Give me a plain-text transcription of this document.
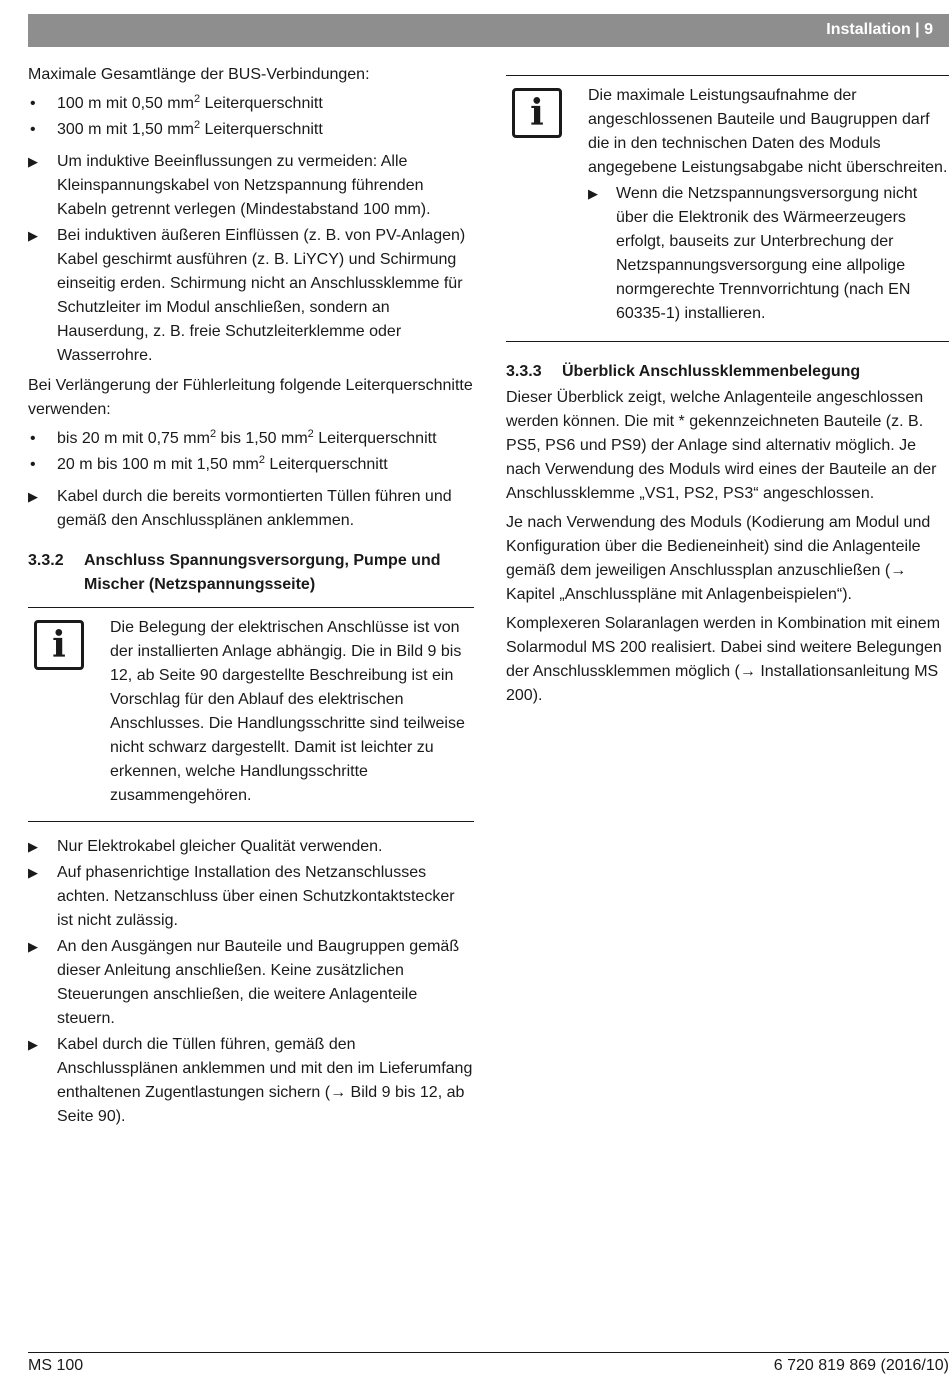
Installation | 9

Maximale Gesamtlänge der BUS-Verbindungen:

• 100 m mit 0,50 $mm^2$ Leiterquerschnitt
• 300 m mit 1,50 $mm^2$ Leiterquerschnitt
▶ Um induktive Beeinflussungen zu vermeiden: Alle Kleinspannungskabel von Netzspannung führenden Kabeln getrennt verlegen (Mindestabstand 100 mm).
▶ Bei induktiven äußeren Einflüssen (z. B. von PV-Anlagen) Kabel geschirmt ausführen (z. B. LiYCY) und Schirmung einseitig erden. Schirmung nicht an Anschlussklemme für Schutzleiter im Modul anschließen, sondern an Hauserdung, z. B. freie Schutzleiterklemme oder Wasserrohre.

Bei Verlängerung der Fühlerleitung folgende Leiterquerschnitte verwenden:

• bis 20 m mit 0,75 $mm^2$ bis 1,50 $mm^2$ Leiterquerschnitt
• 20 m bis 100 m mit 1,50 $mm^2$ Leiterquerschnitt
▶ Kabel durch die bereits vormontierten Tüllen führen und gemäß den Anschlussplänen anklemmen.
3.3.2 Anschluss Spannungsversorgung, Pumpe und Mischer (Netzspannungsseite)
i	Die Belegung der elektrischen Anschlüsse ist von der installierten Anlage abhängig. Die in Bild 9 bis 12, ab Seite 90 dargestellte Beschreibung ist ein Vorschlag für den Ablauf des elektrischen Anschlusses. Die Handlungsschritte sind teilweise nicht schwarz dargestellt. Damit ist leichter zu erkennen, welche Handlungsschritte zusammengehören.
▶ Nur Elektrokabel gleicher Qualität verwenden.
▶ Auf phasenrichtige Installation des Netzanschlusses achten. Netzanschluss über einen Schutzkontaktstecker ist nicht zulässig.
▶ An den Ausgängen nur Bauteile und Baugruppen gemäß dieser Anleitung anschließen. Keine zusätzlichen Steuerungen anschließen, die weitere Anlagenteile steuern.
▶ Kabel durch die Tüllen führen, gemäß den Anschlussplänen anklemmen und mit den im Lieferumfang enthaltenen Zugentlastungen sichern (→ Bild 9 bis 12, ab Seite 90).
i	Die maximale Leistungsaufnahme der angeschlossenen Bauteile und Baugruppen darf die in den technischen Daten des Moduls angegebene Leistungsabgabe nicht überschreiten.
▶ Wenn die Netzspannungsversorgung nicht über die Elektronik des Wärmeerzeugers erfolgt, bauseits zur Unterbrechung der Netzspannungsversorgung eine allpolige normgerechte Trennvorrichtung (nach EN 60335-1) installieren.
3.3.3 Überblick Anschlussklemmenbelegung

Dieser Überblick zeigt, welche Anlagenteile angeschlossen werden können. Die mit * gekennzeichneten Bauteile (z. B. PS5, PS6 und PS9) der Anlage sind alternativ möglich. Je nach Verwendung des Moduls wird eines der Bauteile an der Anschlussklemme „VS1, PS2, PS3“ angeschlossen.

Je nach Verwendung des Moduls (Kodierung am Modul und Konfiguration über die Bedieneinheit) sind die Anlagenteile gemäß dem jeweiligen Anschlussplan anzuschließen (→ Kapitel „Anschlusspläne mit Anlagenbeispielen“).

Komplexeren Solaranlagen werden in Kombination mit einem Solarmodul MS 200 realisiert. Dabei sind weitere Belegungen der Anschlussklemmen möglich (→ Installationsanleitung MS 200).

MS 100	6 720 819 869 (2016/10)
